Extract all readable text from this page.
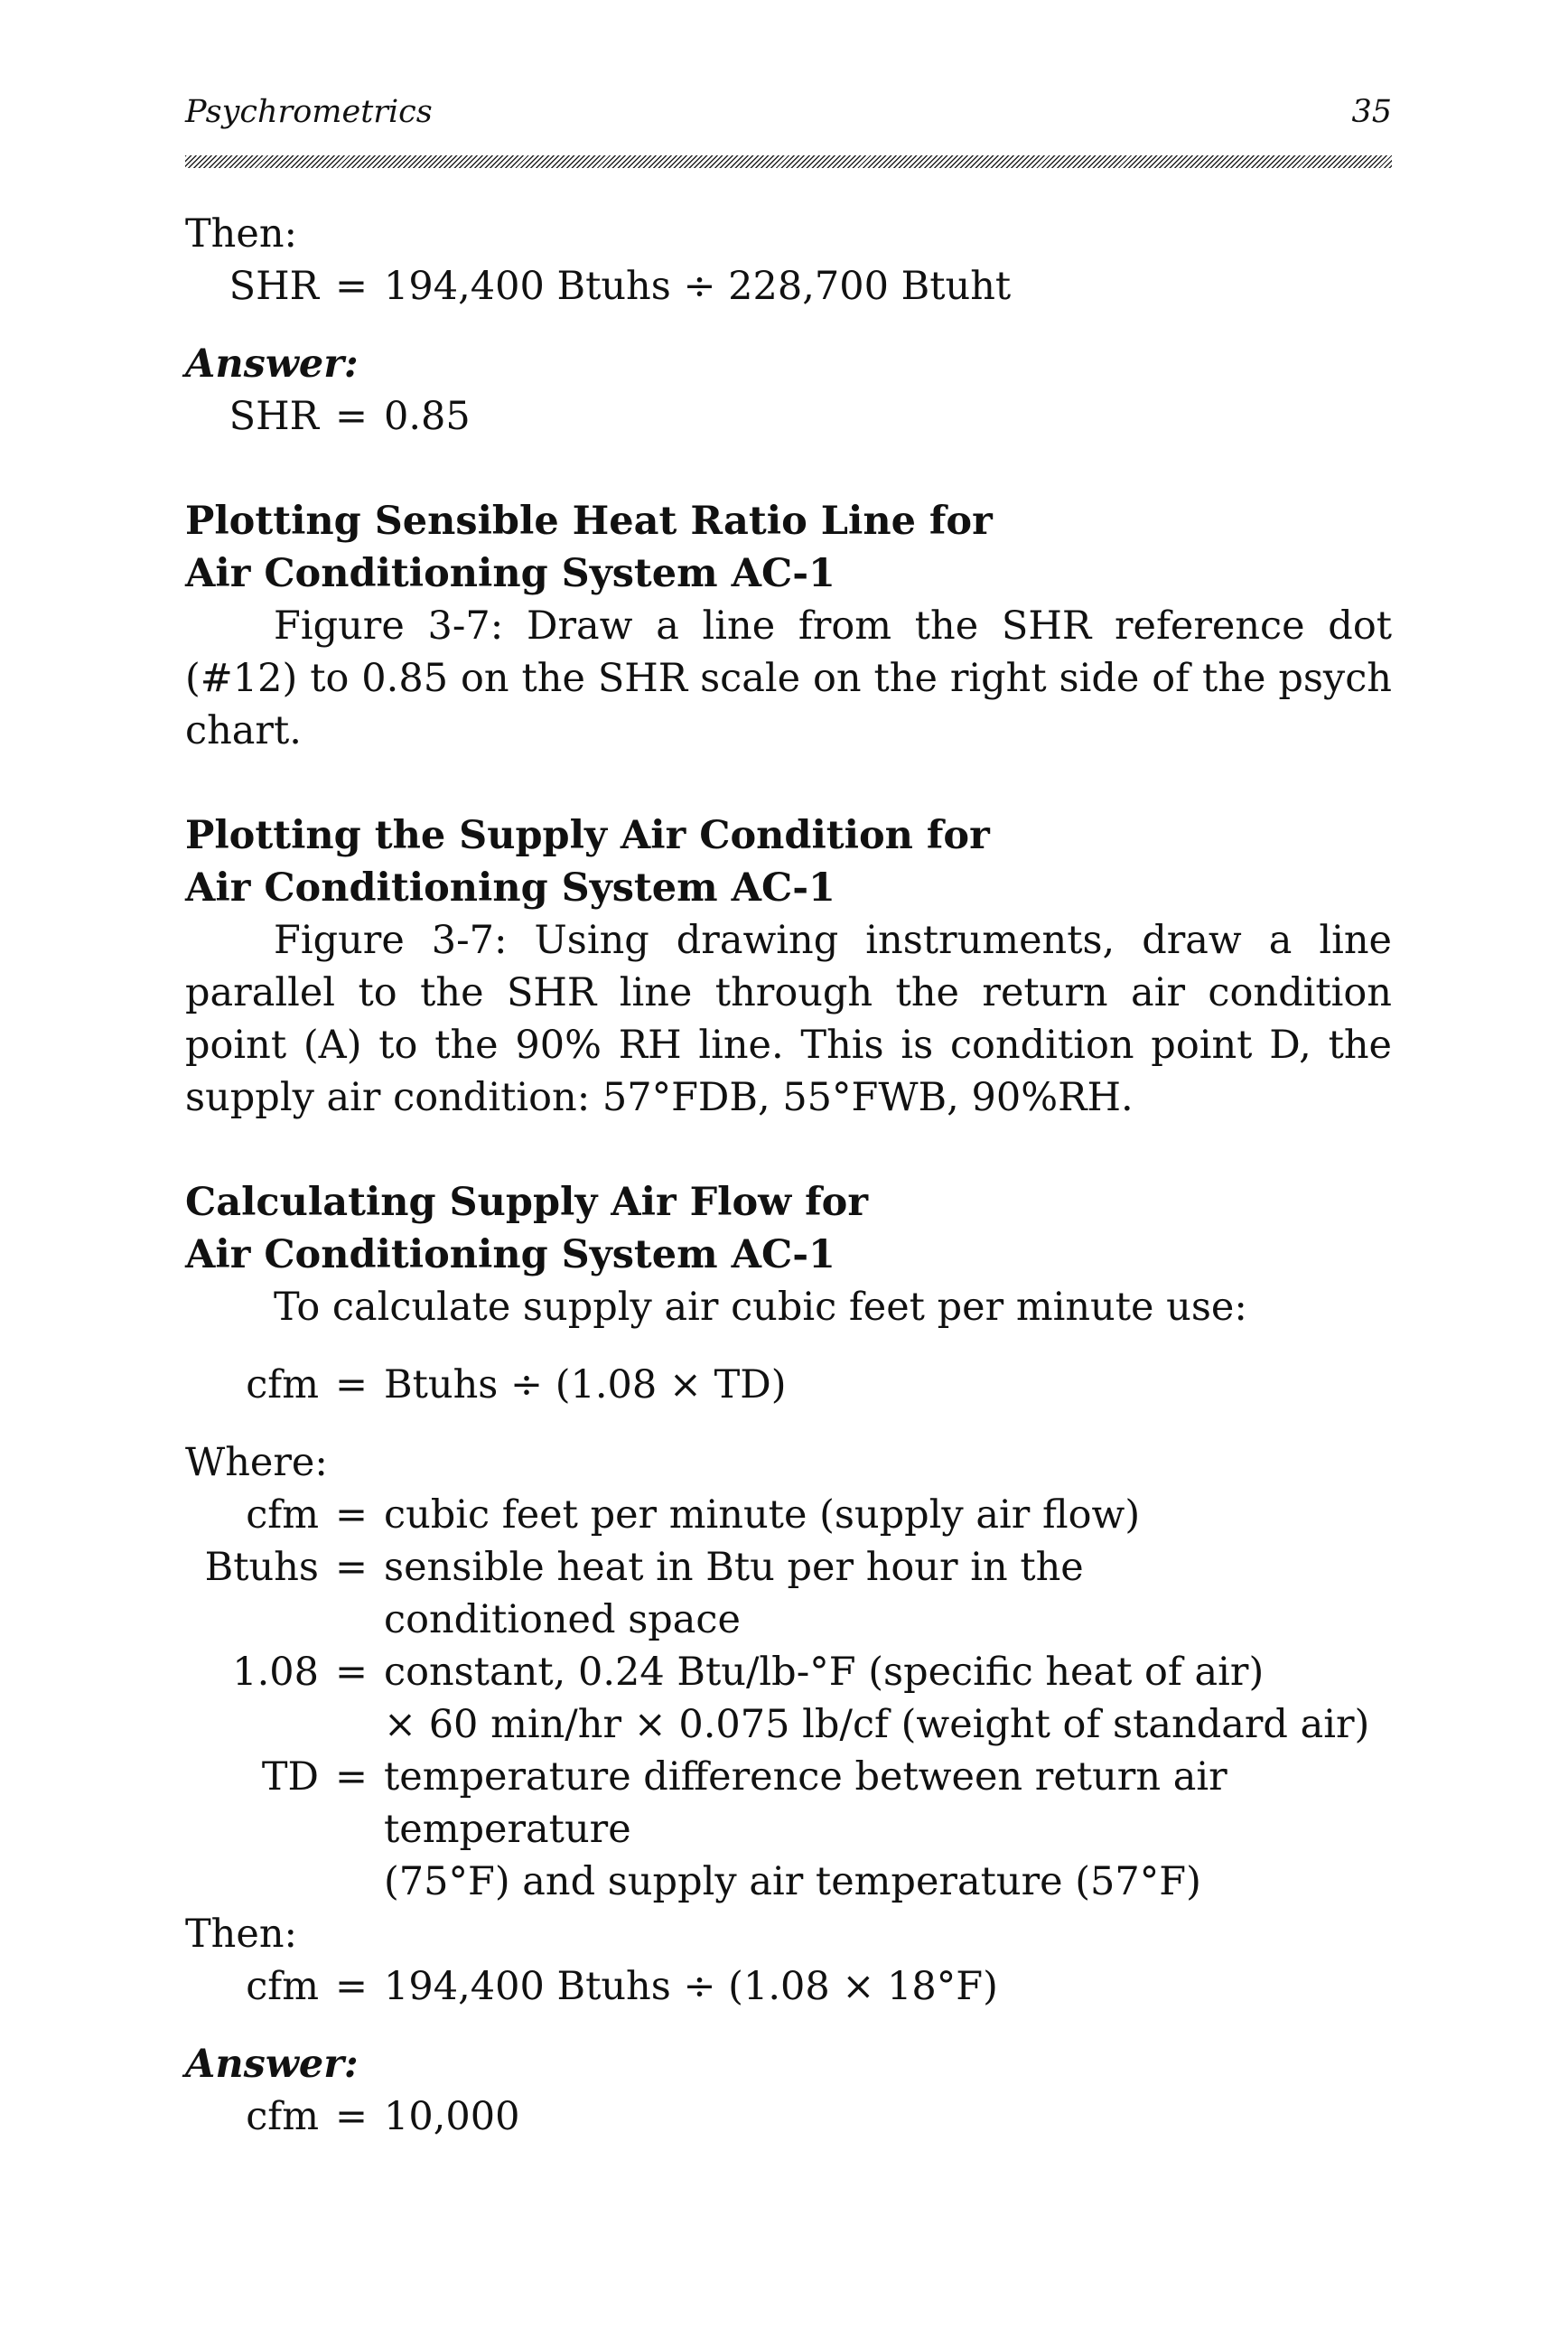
Psychrometrics	35

Then:

SHR = 194,400 Btuhs ÷ 228,700 Btuht

Answer:

SHR = 0.85

Plotting Sensible Heat Ratio Line for

Air Conditioning System AC-1

Figure 3-7: Draw a line from the SHR reference dot (#12) to 0.85 on the SHR scale on the right side of the psych chart.

Plotting the Supply Air Condition for

Air Conditioning System AC-1

Figure 3-7: Using drawing instruments, draw a line parallel to the SHR line through the return air condition point (A) to the 90% RH line. This is condition point D, the supply air condition: 57°FDB, 55°FWB, 90%RH.

Calculating Supply Air Flow for

Air Conditioning System AC-1

To calculate supply air cubic feet per minute use:

cfm = Btuhs ÷ (1.08 × TD)

Where:

cfm = cubic feet per minute (supply air flow)
Btuhs = sensible heat in Btu per hour in the
conditioned space
1.08 = constant, 0.24 Btu/lb-°F (specific heat of air)
× 60 min/hr × 0.075 lb/cf (weight of standard air)
TD = temperature difference between return air
temperature
(75°F) and supply air temperature (57°F)

Then:

cfm = 194,400 Btuhs ÷ (1.08 × 18°F)

Answer:

cfm = 10,000
